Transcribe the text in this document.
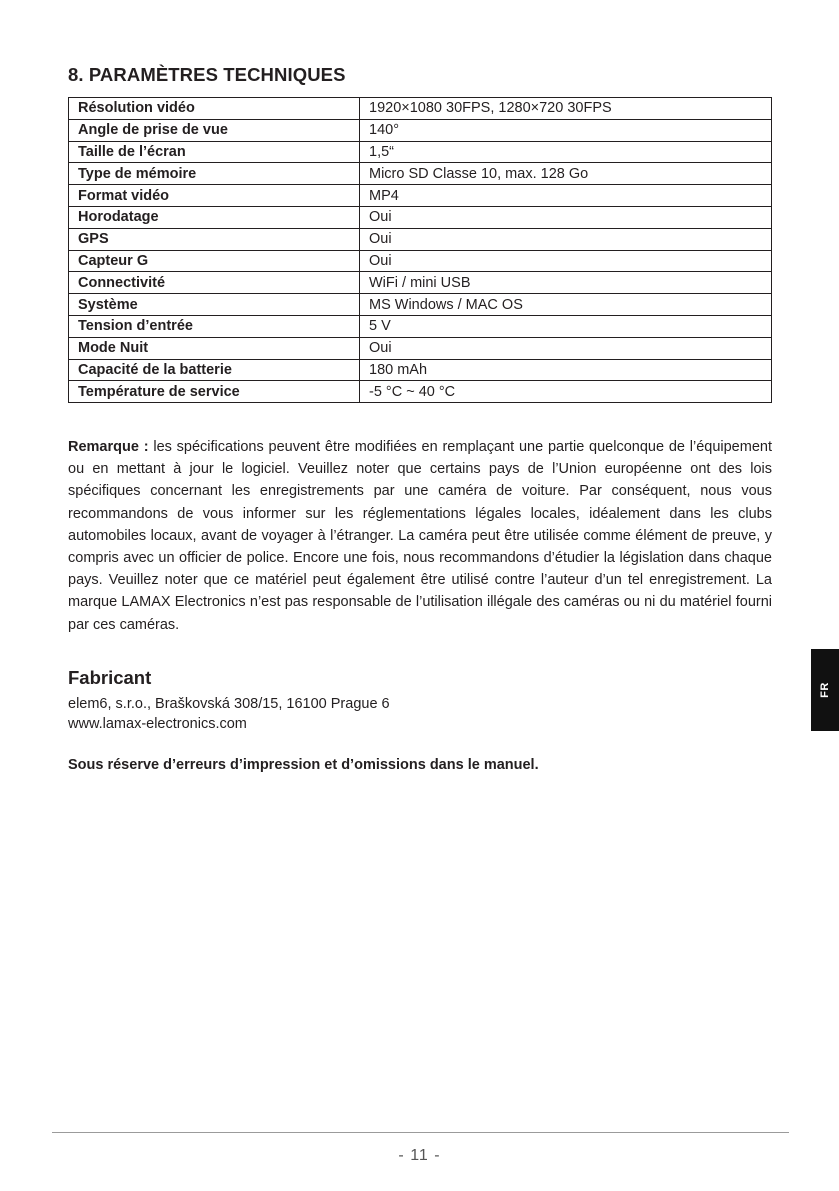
8. PARAMÈTRES TECHNIQUES
Résolution vidéo	1920×1080 30FPS, 1280×720 30FPS
Angle de prise de vue	140°
Taille de l’écran	1,5“
Type de mémoire	Micro SD Classe 10, max. 128 Go
Format vidéo	MP4
Horodatage	Oui
GPS	Oui
Capteur G	Oui
Connectivité	WiFi / mini USB
Système	MS Windows / MAC OS
Tension d’entrée	5 V
Mode Nuit	Oui
Capacité de la batterie	180 mAh
Température de service	-5 °C ~ 40 °C

Remarque : les spécifications peuvent être modifiées en remplaçant une partie quelconque de l’équipement ou en mettant à jour le logiciel. Veuillez noter que certains pays de l’Union européenne ont des lois spécifiques concernant les enregistrements par une caméra de voiture. Par conséquent, nous vous recommandons de vous informer sur les réglementations légales locales, idéalement dans les clubs automobiles locaux, avant de voyager à l’étranger. La caméra peut être utilisée comme élément de preuve, y compris avec un officier de police. Encore une fois, nous recommandons d’étudier la législation dans chaque pays. Veuillez noter que ce matériel peut également être utilisé contre l’auteur d’un tel enregistrement. La marque LAMAX Electronics n’est pas responsable de l’utilisation illégale des caméras ou ni du matériel fourni par ces caméras.

Fabricant

elem6, s.r.o., Braškovská 308/15, 16100 Prague 6

www.lamax-electronics.com

Sous réserve d’erreurs d’impression et d’omissions dans le manuel.

FR
- 11 -
